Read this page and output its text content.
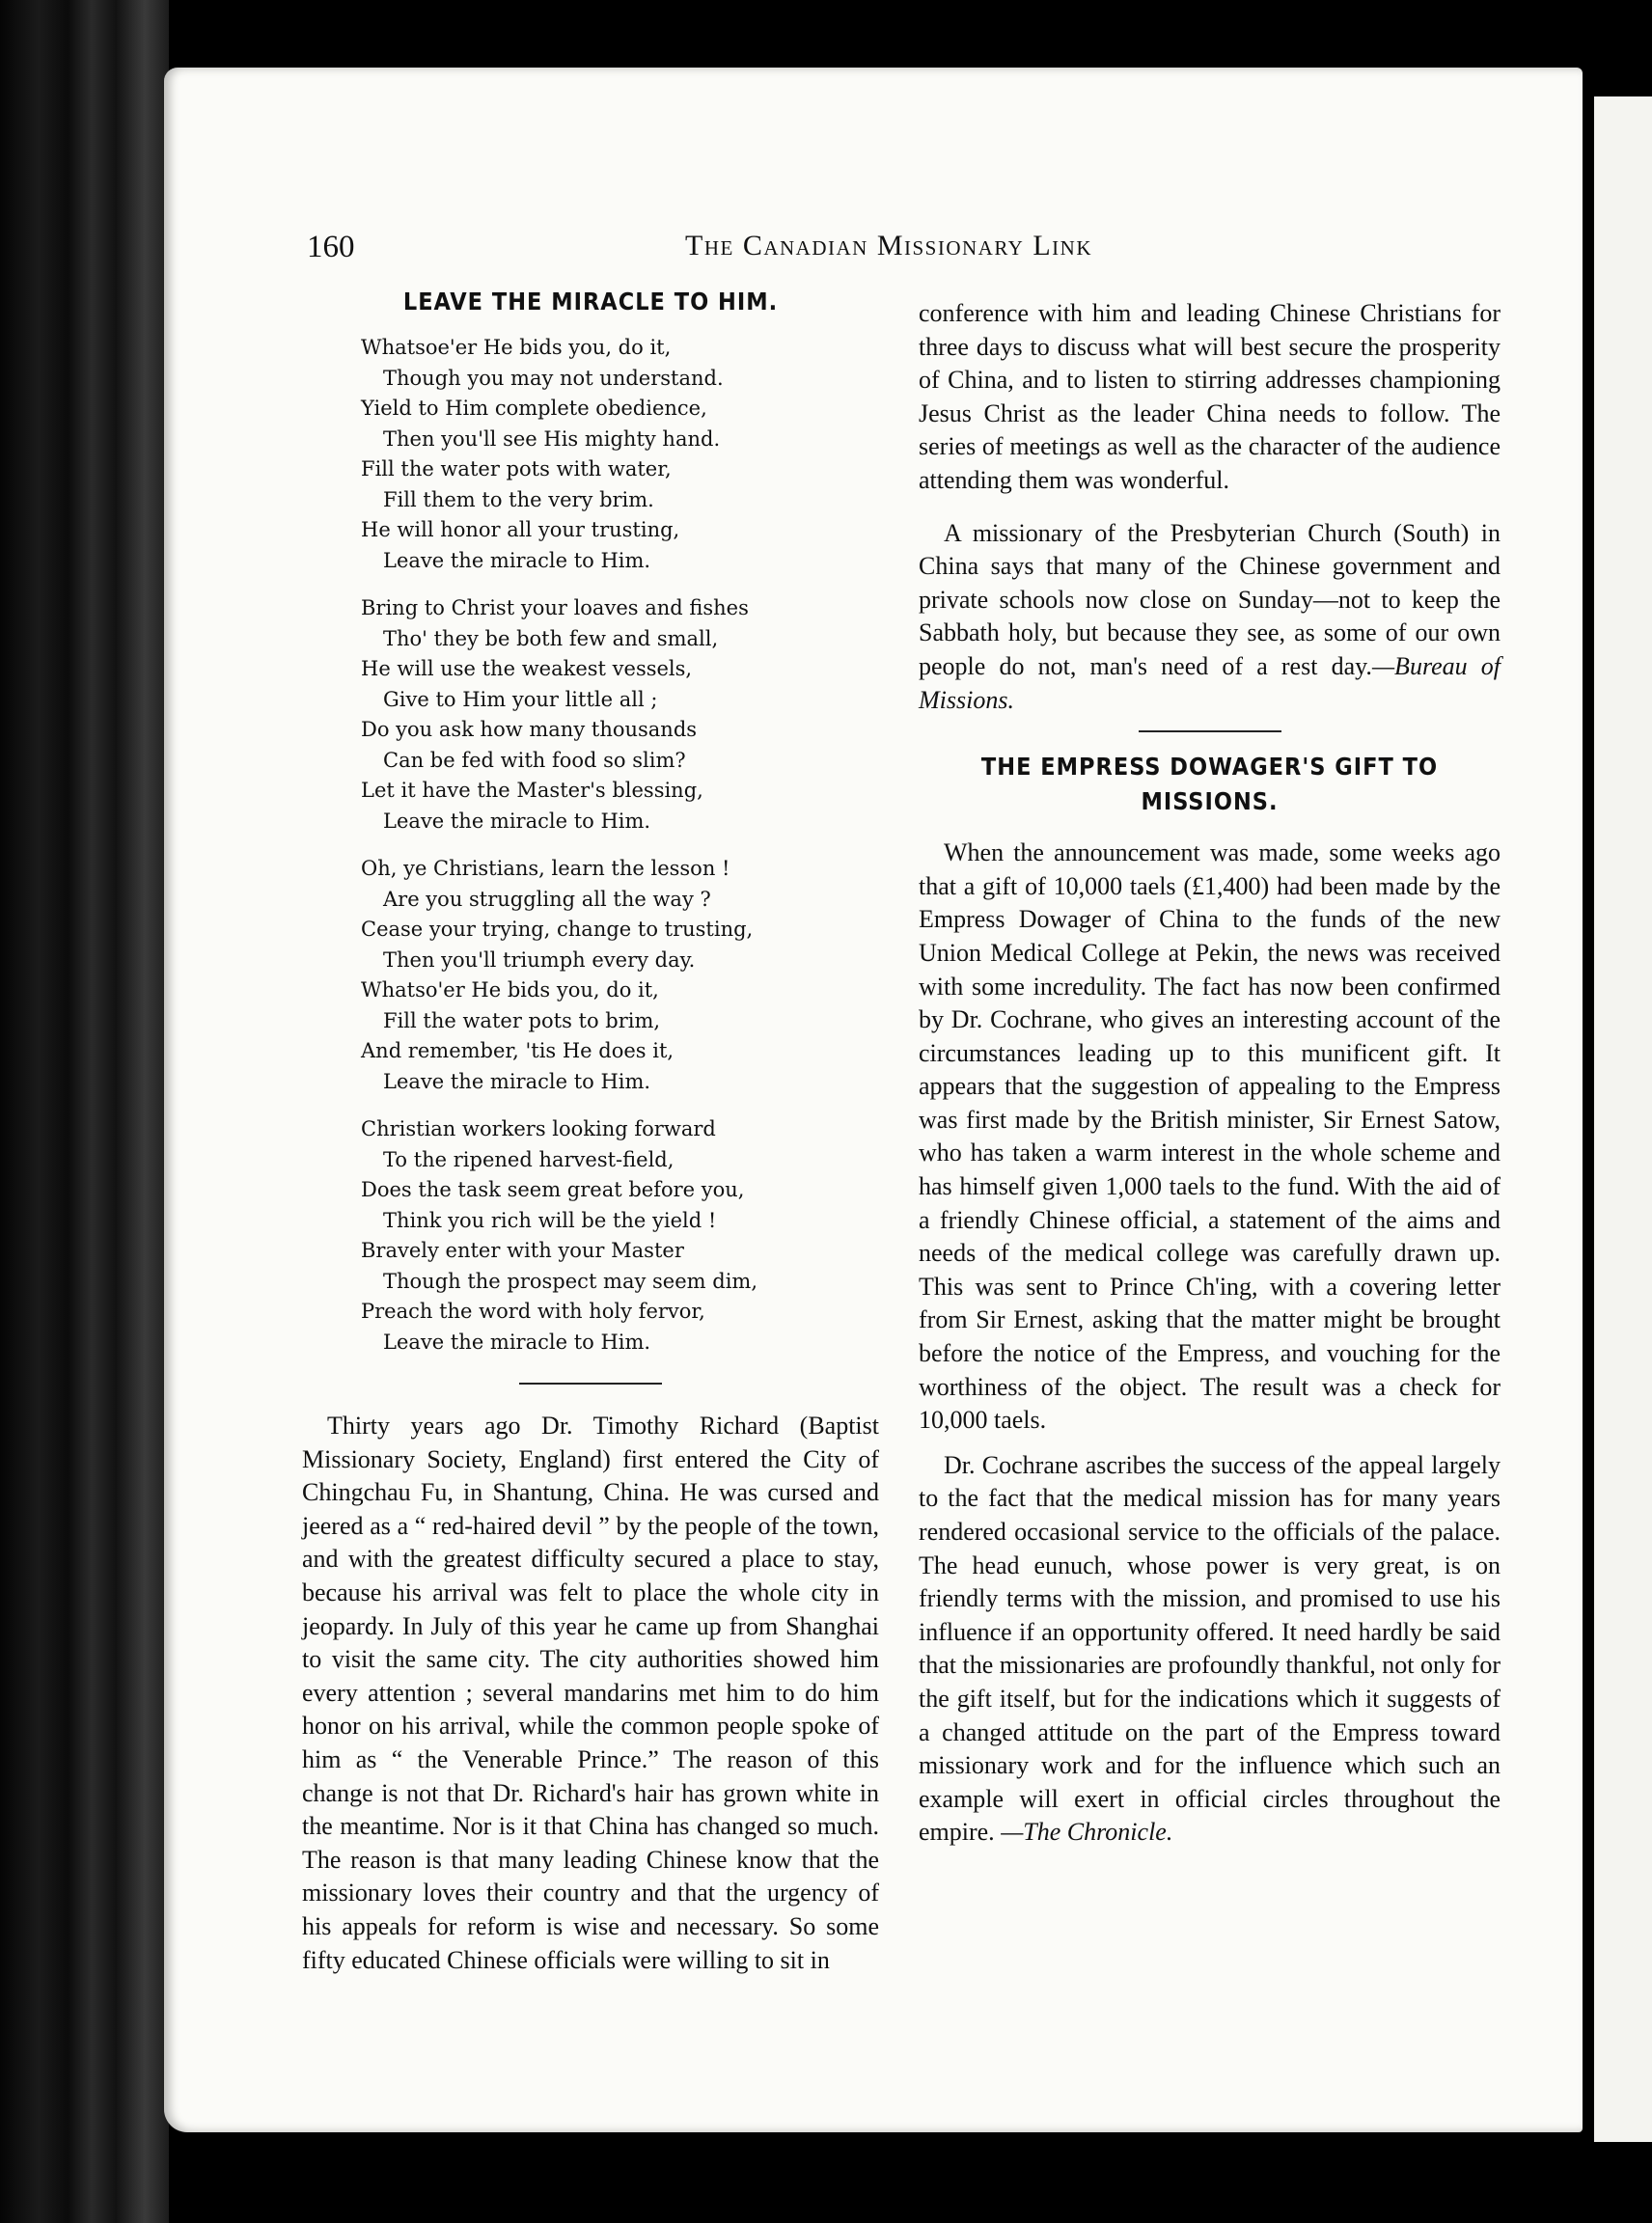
160	The Canadian Missionary Link
LEAVE THE MIRACLE TO HIM.
Whatsoe'er He bids you, do it,
Though you may not understand.
Yield to Him complete obedience,
Then you'll see His mighty hand.
Fill the water pots with water,
Fill them to the very brim.
He will honor all your trusting,
Leave the miracle to Him.
Bring to Christ your loaves and fishes
Tho' they be both few and small,
He will use the weakest vessels,
Give to Him your little all ;
Do you ask how many thousands
Can be fed with food so slim?
Let it have the Master's blessing,
Leave the miracle to Him.
Oh, ye Christians, learn the lesson !
Are you struggling all the way ?
Cease your trying, change to trusting,
Then you'll triumph every day.
Whatso'er He bids you, do it,
Fill the water pots to brim,
And remember, 'tis He does it,
Leave the miracle to Him.
Christian workers looking forward
To the ripened harvest-field,
Does the task seem great before you,
Think you rich will be the yield !
Bravely enter with your Master
Though the prospect may seem dim,
Preach the word with holy fervor,
Leave the miracle to Him.

Thirty years ago Dr. Timothy Richard (Baptist Missionary Society, England) first entered the City of Chingchau Fu, in Shantung, China. He was cursed and jeered as a “ red-haired devil ” by the people of the town, and with the greatest difficulty secured a place to stay, because his arrival was felt to place the whole city in jeopardy. In July of this year he came up from Shanghai to visit the same city. The city authorities showed him every attention ; several mandarins met him to do him honor on his arrival, while the common people spoke of him as “ the Venerable Prince.” The reason of this change is not that Dr. Richard's hair has grown white in the meantime. Nor is it that China has changed so much. The reason is that many leading Chinese know that the missionary loves their country and that the urgency of his appeals for reform is wise and necessary. So some fifty educated Chinese officials were willing to sit in

conference with him and leading Chinese Christians for three days to discuss what will best secure the prosperity of China, and to listen to stirring addresses championing Jesus Christ as the leader China needs to follow. The series of meetings as well as the character of the audience attending them was wonderful.

A missionary of the Presbyterian Church (South) in China says that many of the Chinese government and private schools now close on Sunday—not to keep the Sabbath holy, but because they see, as some of our own people do not, man's need of a rest day.—Bureau of Missions.

THE EMPRESS DOWAGER'S GIFT TO
MISSIONS.

When the announcement was made, some weeks ago that a gift of 10,000 taels (£1,400) had been made by the Empress Dowager of China to the funds of the new Union Medical College at Pekin, the news was received with some incredulity. The fact has now been confirmed by Dr. Cochrane, who gives an interesting account of the circumstances leading up to this munificent gift. It appears that the suggestion of appealing to the Empress was first made by the British minister, Sir Ernest Satow, who has taken a warm interest in the whole scheme and has himself given 1,000 taels to the fund. With the aid of a friendly Chinese official, a statement of the aims and needs of the medical college was carefully drawn up. This was sent to Prince Ch'ing, with a covering letter from Sir Ernest, asking that the matter might be brought before the notice of the Empress, and vouching for the worthiness of the object. The result was a check for 10,000 taels.

Dr. Cochrane ascribes the success of the appeal largely to the fact that the medical mission has for many years rendered occasional service to the officials of the palace. The head eunuch, whose power is very great, is on friendly terms with the mission, and promised to use his influence if an opportunity offered. It need hardly be said that the missionaries are profoundly thankful, not only for the gift itself, but for the indications which it suggests of a changed attitude on the part of the Empress toward missionary work and for the influence which such an example will exert in official circles throughout the empire. —The Chronicle.
